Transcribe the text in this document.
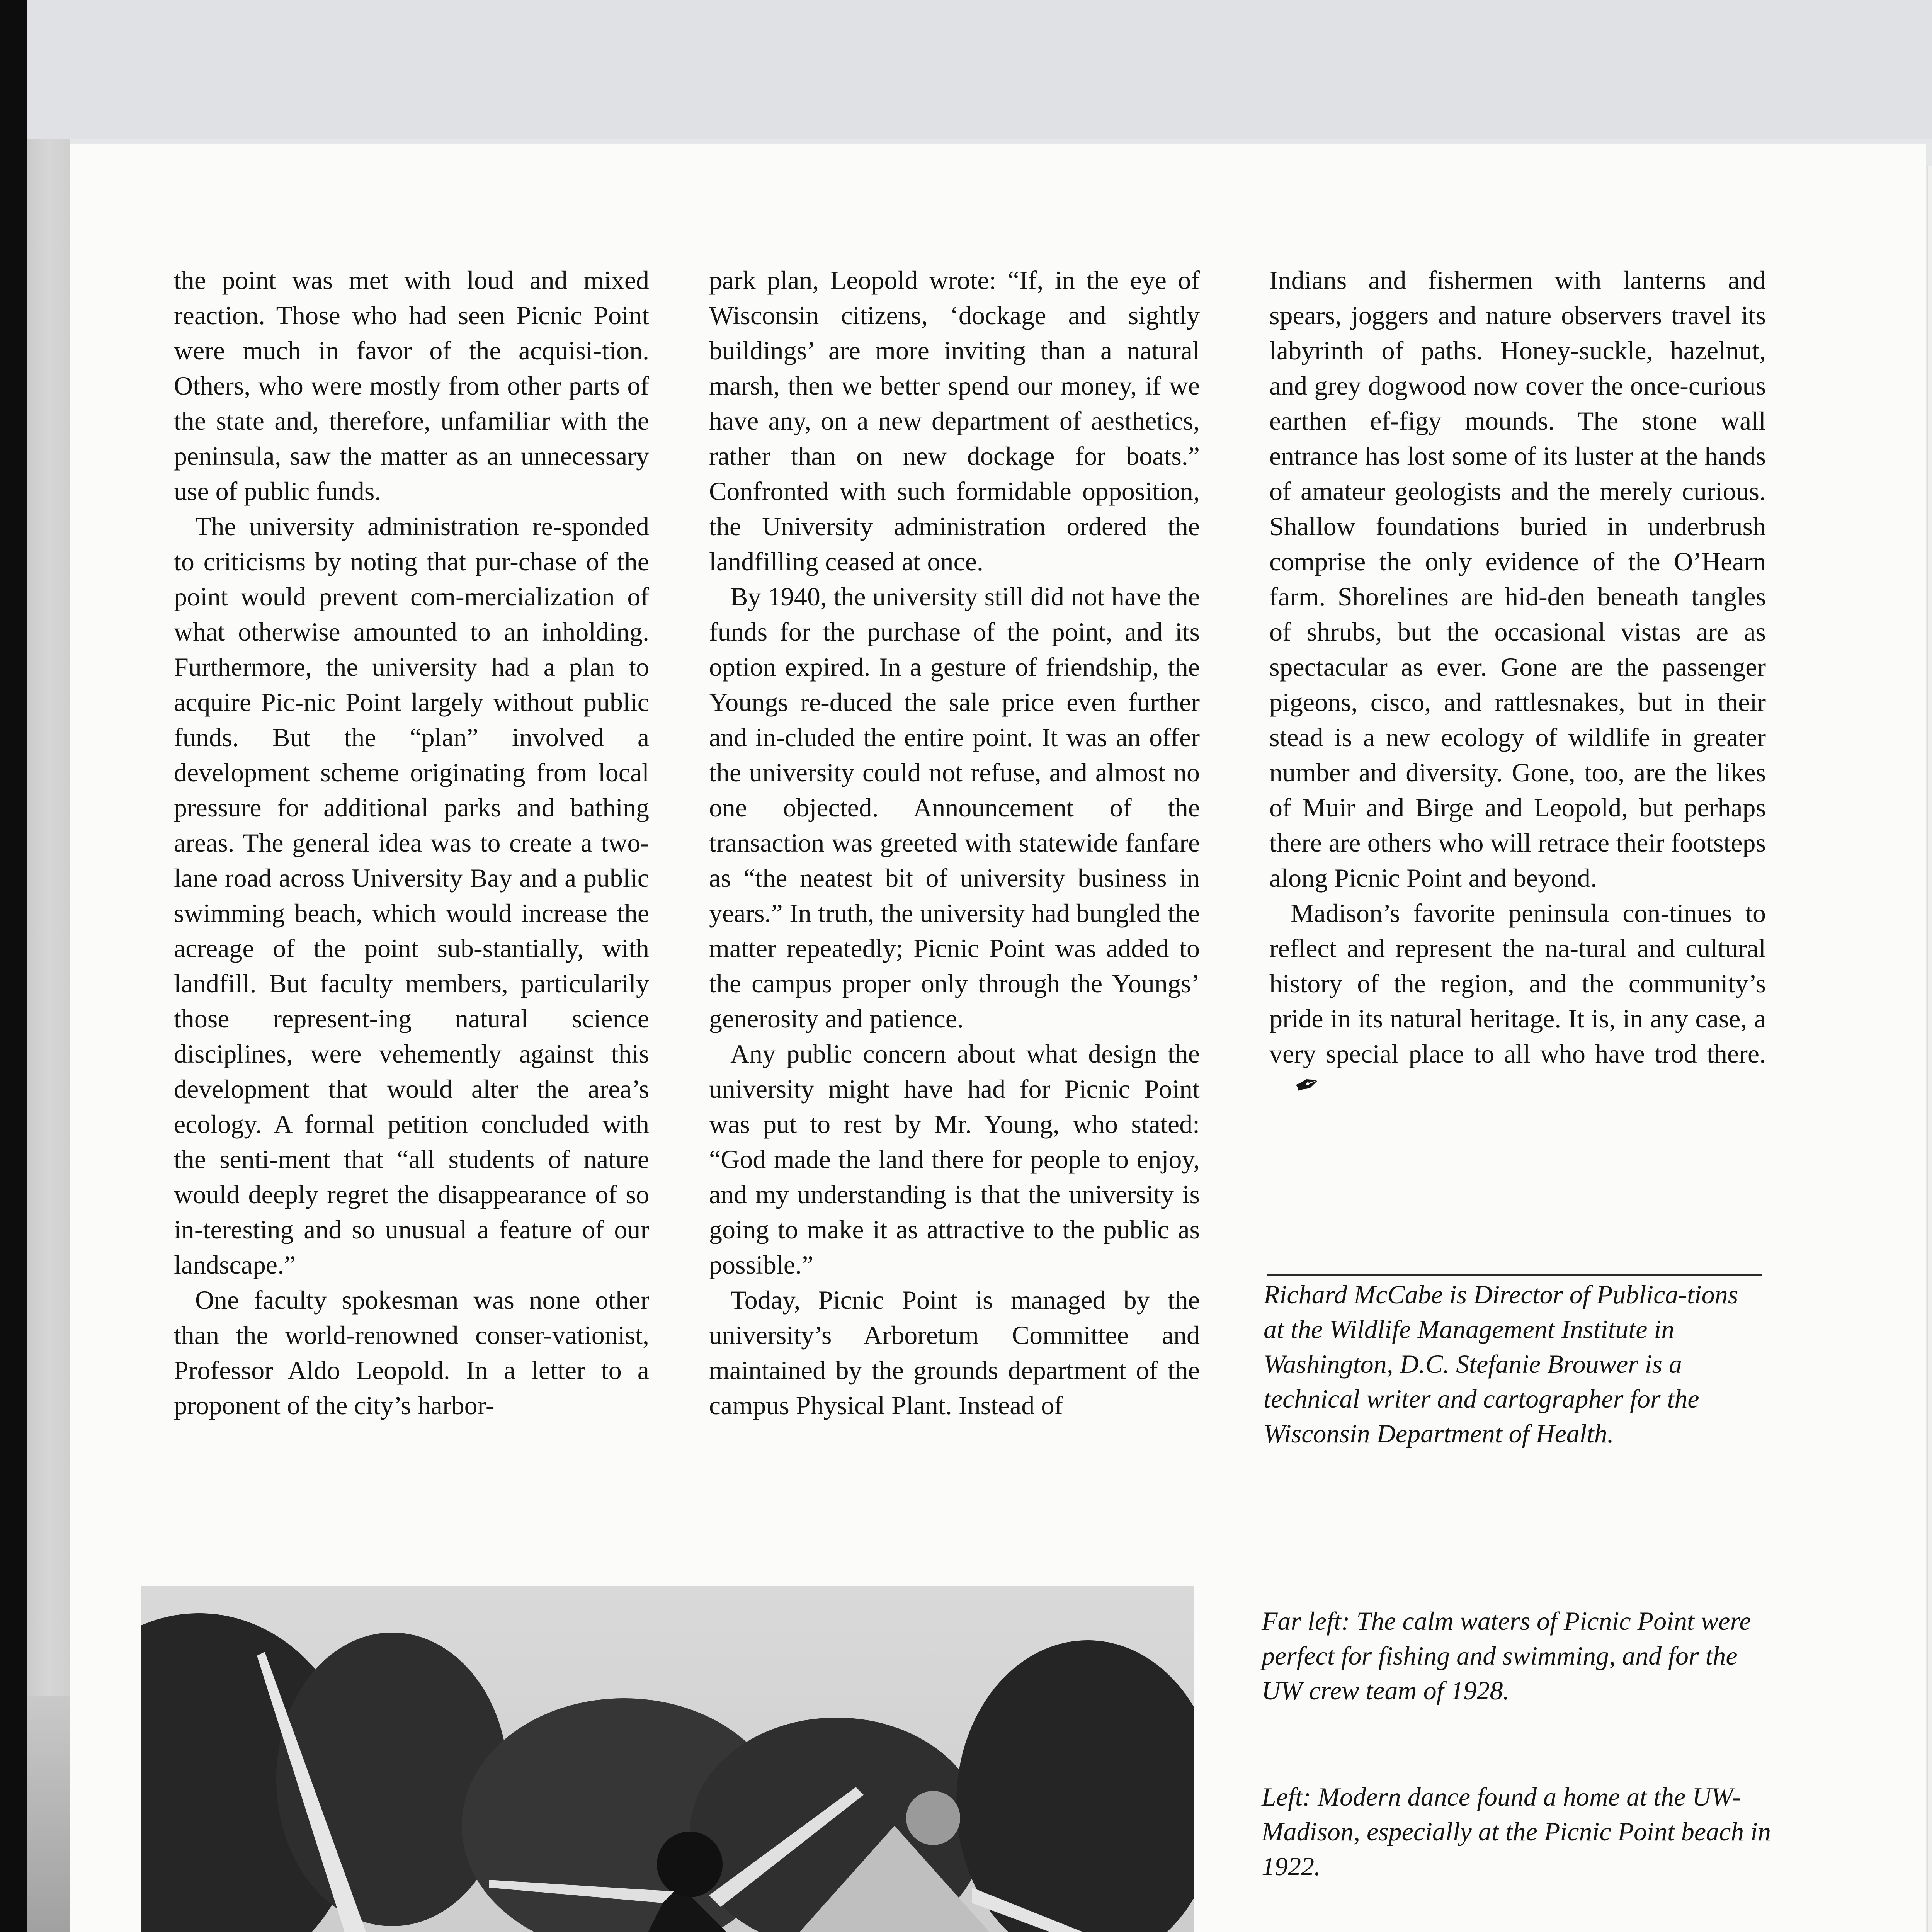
the point was met with loud and mixed reaction. Those who had seen Picnic Point were much in favor of the acquisi-tion. Others, who were mostly from other parts of the state and, therefore, unfamiliar with the peninsula, saw the matter as an unnecessary use of public funds.

The university administration re-sponded to criticisms by noting that pur-chase of the point would prevent com-mercialization of what otherwise amounted to an inholding. Furthermore, the university had a plan to acquire Pic-nic Point largely without public funds. But the “plan” involved a development scheme originating from local pressure for additional parks and bathing areas. The general idea was to create a two-lane road across University Bay and a public swimming beach, which would increase the acreage of the point sub-stantially, with landfill. But faculty members, particularily those represent-ing natural science disciplines, were vehemently against this development that would alter the area’s ecology. A formal petition concluded with the senti-ment that “all students of nature would deeply regret the disappearance of so in-teresting and so unusual a feature of our landscape.”

One faculty spokesman was none other than the world-renowned conser-vationist, Professor Aldo Leopold. In a letter to a proponent of the city’s harbor-

park plan, Leopold wrote: “If, in the eye of Wisconsin citizens, ‘dockage and sightly buildings’ are more inviting than a natural marsh, then we better spend our money, if we have any, on a new department of aesthetics, rather than on new dockage for boats.” Confronted with such formidable opposition, the University administration ordered the landfilling ceased at once.

By 1940, the university still did not have the funds for the purchase of the point, and its option expired. In a gesture of friendship, the Youngs re-duced the sale price even further and in-cluded the entire point. It was an offer the university could not refuse, and almost no one objected. Announcement of the transaction was greeted with statewide fanfare as “the neatest bit of university business in years.” In truth, the university had bungled the matter repeatedly; Picnic Point was added to the campus proper only through the Youngs’ generosity and patience.

Any public concern about what design the university might have had for Picnic Point was put to rest by Mr. Young, who stated: “God made the land there for people to enjoy, and my understanding is that the university is going to make it as attractive to the public as possible.”

Today, Picnic Point is managed by the university’s Arboretum Committee and maintained by the grounds department of the campus Physical Plant. Instead of

Indians and fishermen with lanterns and spears, joggers and nature observers travel its labyrinth of paths. Honey-suckle, hazelnut, and grey dogwood now cover the once-curious earthen ef-figy mounds. The stone wall entrance has lost some of its luster at the hands of amateur geologists and the merely curious. Shallow foundations buried in underbrush comprise the only evidence of the O’Hearn farm. Shorelines are hid-den beneath tangles of shrubs, but the occasional vistas are as spectacular as ever. Gone are the passenger pigeons, cisco, and rattlesnakes, but in their stead is a new ecology of wildlife in greater number and diversity. Gone, too, are the likes of Muir and Birge and Leopold, but perhaps there are others who will retrace their footsteps along Picnic Point and beyond.

Madison’s favorite peninsula con-tinues to reflect and represent the na-tural and cultural history of the region, and the community’s pride in its natural heritage. It is, in any case, a very special place to all who have trod there.✒

Richard McCabe is Director of Publica-tions at the Wildlife Management Institute in Washington, D.C. Stefanie Brouwer is a technical writer and cartographer for the Wisconsin Department of Health.
Far left: The calm waters of Picnic Point were perfect for fishing and swimming, and for the UW crew team of 1928.
Left: Modern dance found a home at the UW-Madison, especially at the Picnic Point beach in 1922.
